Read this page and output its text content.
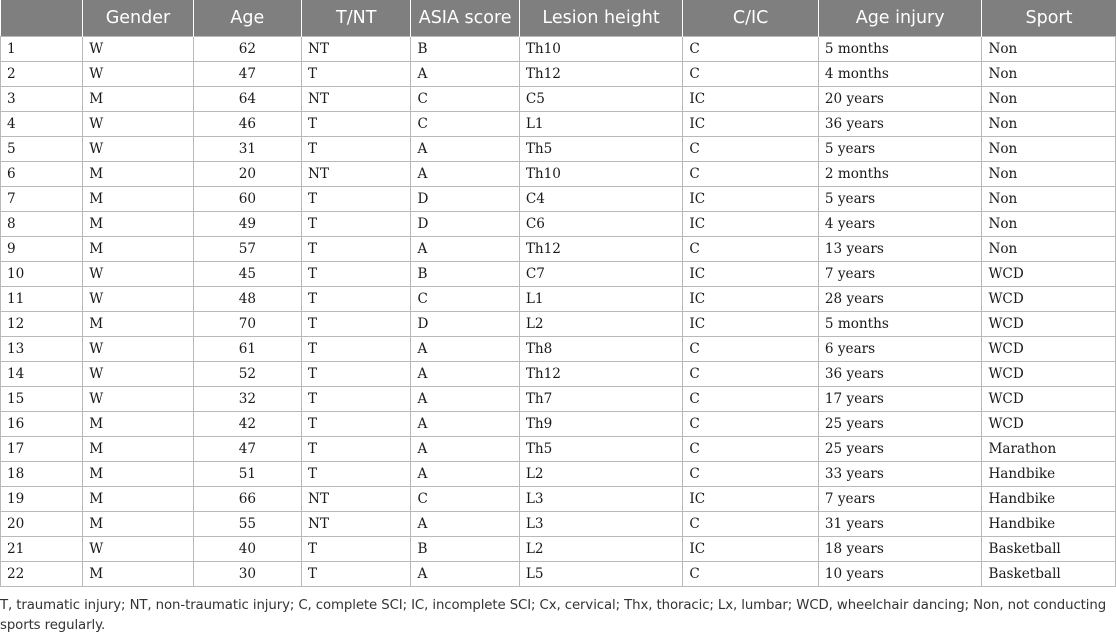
	Gender	Age	T/NT	ASIA score	Lesion height	C/IC	Age injury	Sport
1	W	62	NT	B	Th10	C	5 months	Non
2	W	47	T	A	Th12	C	4 months	Non
3	M	64	NT	C	C5	IC	20 years	Non
4	W	46	T	C	L1	IC	36 years	Non
5	W	31	T	A	Th5	C	5 years	Non
6	M	20	NT	A	Th10	C	2 months	Non
7	M	60	T	D	C4	IC	5 years	Non
8	M	49	T	D	C6	IC	4 years	Non
9	M	57	T	A	Th12	C	13 years	Non
10	W	45	T	B	C7	IC	7 years	WCD
11	W	48	T	C	L1	IC	28 years	WCD
12	M	70	T	D	L2	IC	5 months	WCD
13	W	61	T	A	Th8	C	6 years	WCD
14	W	52	T	A	Th12	C	36 years	WCD
15	W	32	T	A	Th7	C	17 years	WCD
16	M	42	T	A	Th9	C	25 years	WCD
17	M	47	T	A	Th5	C	25 years	Marathon
18	M	51	T	A	L2	C	33 years	Handbike
19	M	66	NT	C	L3	IC	7 years	Handbike
20	M	55	NT	A	L3	C	31 years	Handbike
21	W	40	T	B	L2	IC	18 years	Basketball
22	M	30	T	A	L5	C	10 years	Basketball

T, traumatic injury; NT, non-traumatic injury; C, complete SCI; IC, incomplete SCI; Cx, cervical; Thx, thoracic; Lx, lumbar; WCD, wheelchair dancing; Non, not conducting sports regularly.
